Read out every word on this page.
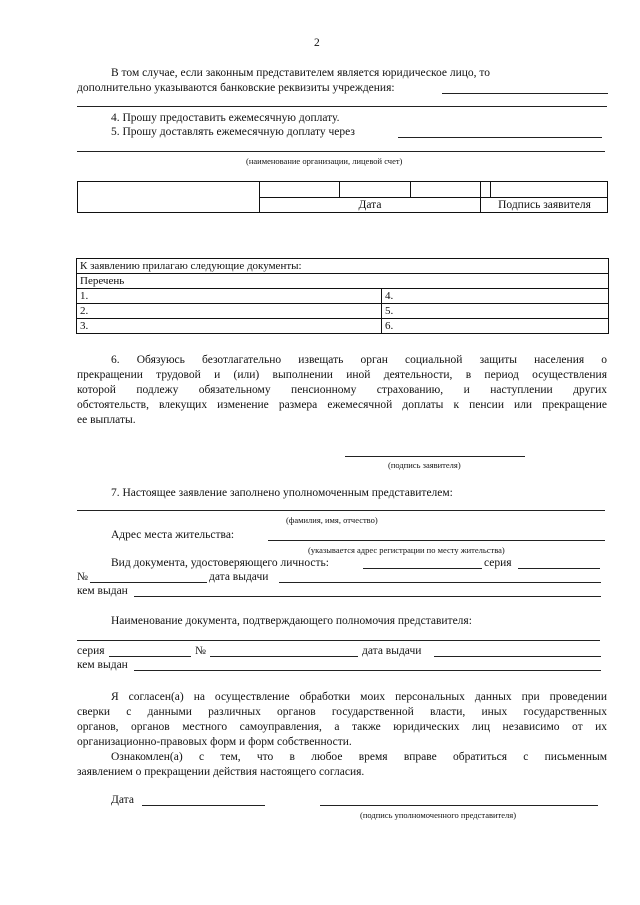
2
В том случае, если законным представителем является юридическое лицо, то
дополнительно указываются банковские реквизиты учреждения:
4. Прошу предоставить ежемесячную доплату.
5. Прошу доставлять ежемесячную доплату через
(наименование организации, лицевой счет)
Дата	Подпись заявителя
К заявлению прилагаю следующие документы:	
Перечень	
1.	4.
2.	5.
3.	6.
6. Обязуюсь безотлагательно извещать орган социальной защиты населения о
прекращении трудовой и (или) выполнении иной деятельности, в период осуществления
которой подлежу обязательному пенсионному страхованию, и наступлении других
обстоятельств, влекущих изменение размера ежемесячной доплаты к пенсии или прекращение
ее выплаты.
(подпись заявителя)
7. Настоящее заявление заполнено уполномоченным представителем:
(фамилия, имя, отчество)
Адрес места жительства:
(указывается адрес регистрации по месту жительства)
Вид документа, удостоверяющего личность:	серия
№	дата выдачи
кем выдан
Наименование документа, подтверждающего полномочия представителя:
серия	№	дата выдачи
кем выдан
Я согласен(а) на осуществление обработки моих персональных данных при проведении
сверки с данными различных органов государственной власти, иных государственных
органов, органов местного самоуправления, а также юридических лиц независимо от их
организационно-правовых форм и форм собственности.
Ознакомлен(а) с тем, что в любое время вправе обратиться с письменным
заявлением о прекращении действия настоящего согласия.
Дата
(подпись уполномоченного представителя)
